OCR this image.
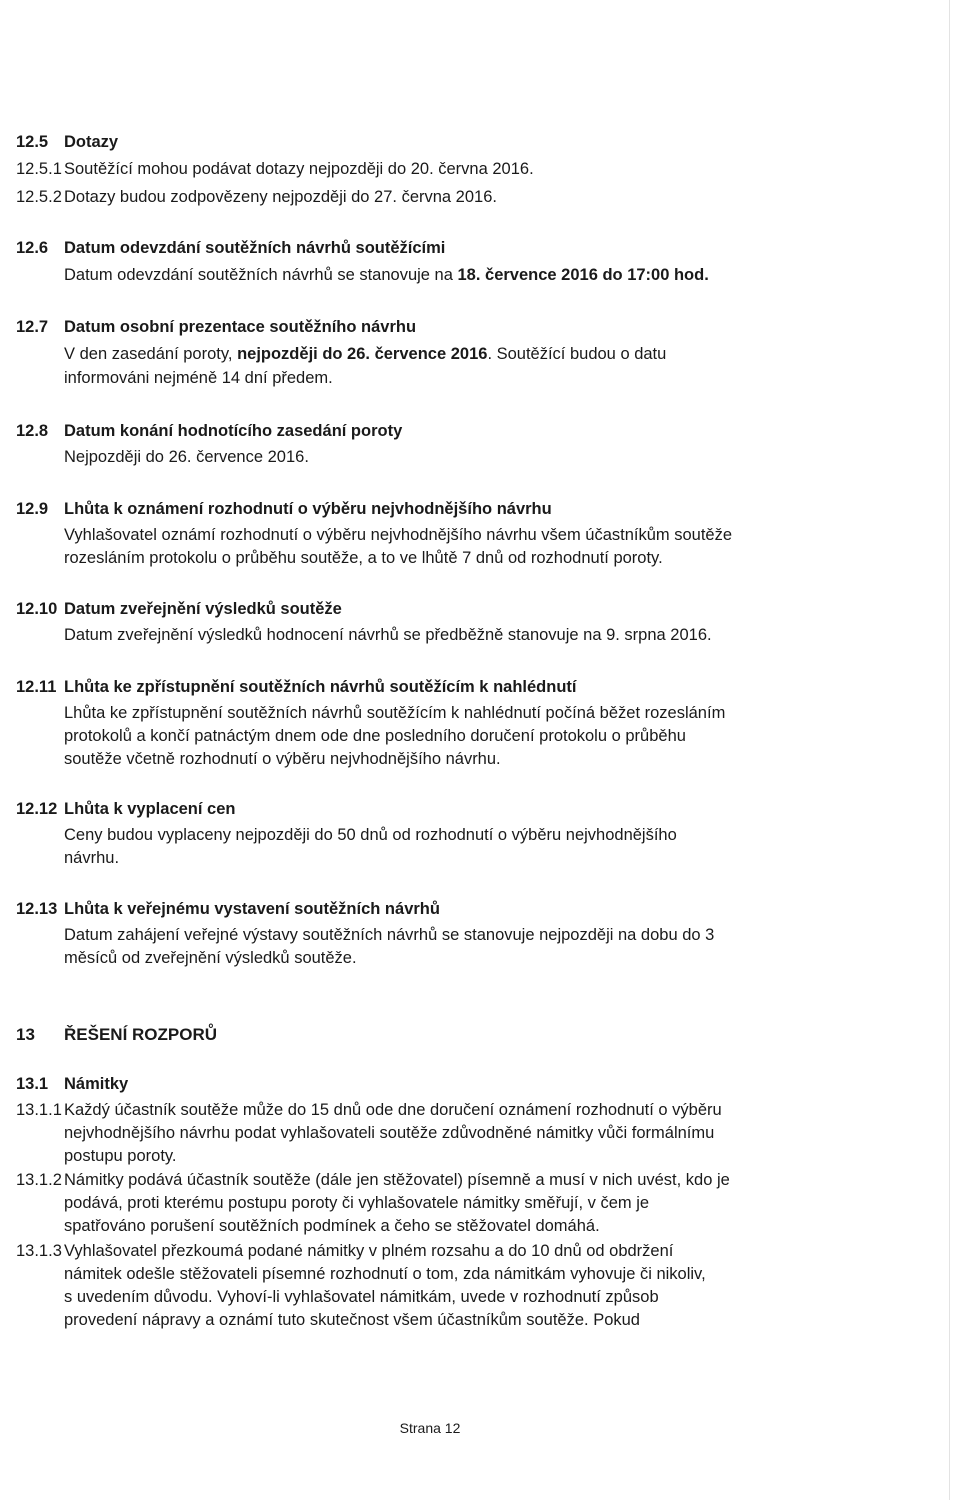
12.5 Dotazy
12.5.1 Soutěžící mohou podávat dotazy nejpozději do 20. června 2016.
12.5.2 Dotazy budou zodpovězeny nejpozději do 27. června 2016.
12.6 Datum odevzdání soutěžních návrhů soutěžícími
Datum odevzdání soutěžních návrhů se stanovuje na 18. července 2016 do 17:00 hod.
12.7 Datum osobní prezentace soutěžního návrhu
V den zasedání poroty, nejpozději do 26. července 2016. Soutěžící budou o datu
informováni nejméně 14 dní předem.
12.8 Datum konání hodnotícího zasedání poroty
Nejpozději do 26. července 2016.
12.9 Lhůta k oznámení rozhodnutí o výběru nejvhodnějšího návrhu
Vyhlašovatel oznámí rozhodnutí o výběru nejvhodnějšího návrhu všem účastníkům soutěže
rozesláním protokolu o průběhu soutěže, a to ve lhůtě 7 dnů od rozhodnutí poroty.
12.10 Datum zveřejnění výsledků soutěže
Datum zveřejnění výsledků hodnocení návrhů se předběžně stanovuje na 9. srpna 2016.
12.11 Lhůta ke zpřístupnění soutěžních návrhů soutěžícím k nahlédnutí
Lhůta ke zpřístupnění soutěžních návrhů soutěžícím k nahlédnutí počíná běžet rozesláním
protokolů a končí patnáctým dnem ode dne posledního doručení protokolu o průběhu
soutěže včetně rozhodnutí o výběru nejvhodnějšího návrhu.
12.12 Lhůta k vyplacení cen
Ceny budou vyplaceny nejpozději do 50 dnů od rozhodnutí o výběru nejvhodnějšího
návrhu.
12.13 Lhůta k veřejnému vystavení soutěžních návrhů
Datum zahájení veřejné výstavy soutěžních návrhů se stanovuje nejpozději na dobu do 3
měsíců od zveřejnění výsledků soutěže.
13 ŘEŠENÍ ROZPORŮ
13.1 Námitky
13.1.1 Každý účastník soutěže může do 15 dnů ode dne doručení oznámení rozhodnutí o výběru
nejvhodnějšího návrhu podat vyhlašovateli soutěže zdůvodněné námitky vůči formálnímu
postupu poroty.
13.1.2 Námitky podává účastník soutěže (dále jen stěžovatel) písemně a musí v nich uvést, kdo je
podává, proti kterému postupu poroty či vyhlašovatele námitky směřují, v čem je
spatřováno porušení soutěžních podmínek a čeho se stěžovatel domáhá.
13.1.3 Vyhlašovatel přezkoumá podané námitky v plném rozsahu a do 10 dnů od obdržení
námitek odešle stěžovateli písemné rozhodnutí o tom, zda námitkám vyhovuje či nikoliv,
s uvedením důvodu. Vyhoví-li vyhlašovatel námitkám, uvede v rozhodnutí způsob
provedení nápravy a oznámí tuto skutečnost všem účastníkům soutěže. Pokud
Strana 12
